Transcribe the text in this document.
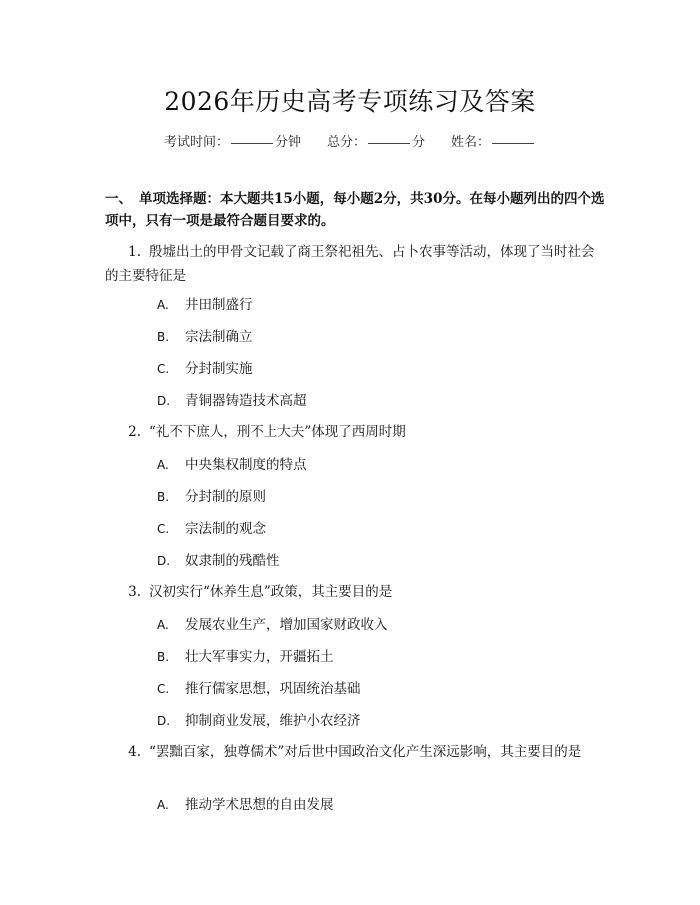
2026年历史高考专项练习及答案
考试时间：	分钟 总分：	分 姓名：
一、 单项选择题：本大题共15小题，每小题2分，共30分。在每小题列出的四个选项中，只有一项是最符合题目要求的。
1. 殷墟出土的甲骨文记载了商王祭祀祖先、占卜农事等活动，体现了当时社会的主要特征是
A. 井田制盛行
B. 宗法制确立
C. 分封制实施
D. 青铜器铸造技术高超
2. “礼不下庶人，刑不上大夫”体现了西周时期
A. 中央集权制度的特点
B. 分封制的原则
C. 宗法制的观念
D. 奴隶制的残酷性
3. 汉初实行“休养生息”政策，其主要目的是
A. 发展农业生产，增加国家财政收入
B. 壮大军事实力，开疆拓土
C. 推行儒家思想，巩固统治基础
D. 抑制商业发展，维护小农经济
4. “罢黜百家，独尊儒术”对后世中国政治文化产生深远影响，其主要目的是
A. 推动学术思想的自由发展
